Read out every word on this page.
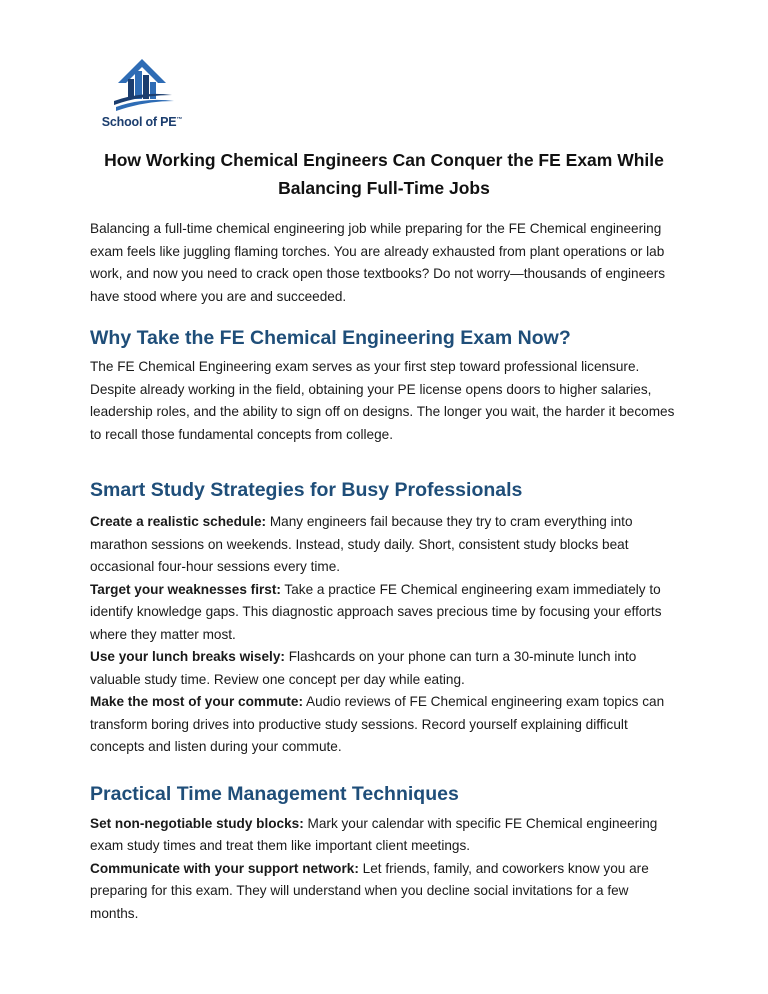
School of PE™
How Working Chemical Engineers Can Conquer the FE Exam While Balancing Full-Time Jobs

Balancing a full-time chemical engineering job while preparing for the FE Chemical engineering exam feels like juggling flaming torches. You are already exhausted from plant operations or lab work, and now you need to crack open those textbooks? Do not worry—thousands of engineers have stood where you are and succeeded.

Why Take the FE Chemical Engineering Exam Now?

The FE Chemical Engineering exam serves as your first step toward professional licensure. Despite already working in the field, obtaining your PE license opens doors to higher salaries, leadership roles, and the ability to sign off on designs. The longer you wait, the harder it becomes to recall those fundamental concepts from college.

Smart Study Strategies for Busy Professionals

Create a realistic schedule: Many engineers fail because they try to cram everything into marathon sessions on weekends. Instead, study daily. Short, consistent study blocks beat occasional four-hour sessions every time.

Target your weaknesses first: Take a practice FE Chemical engineering exam immediately to identify knowledge gaps. This diagnostic approach saves precious time by focusing your efforts where they matter most.

Use your lunch breaks wisely: Flashcards on your phone can turn a 30-minute lunch into valuable study time. Review one concept per day while eating.

Make the most of your commute: Audio reviews of FE Chemical engineering exam topics can transform boring drives into productive study sessions. Record yourself explaining difficult concepts and listen during your commute.

Practical Time Management Techniques

Set non-negotiable study blocks: Mark your calendar with specific FE Chemical engineering exam study times and treat them like important client meetings.

Communicate with your support network: Let friends, family, and coworkers know you are preparing for this exam. They will understand when you decline social invitations for a few months.
